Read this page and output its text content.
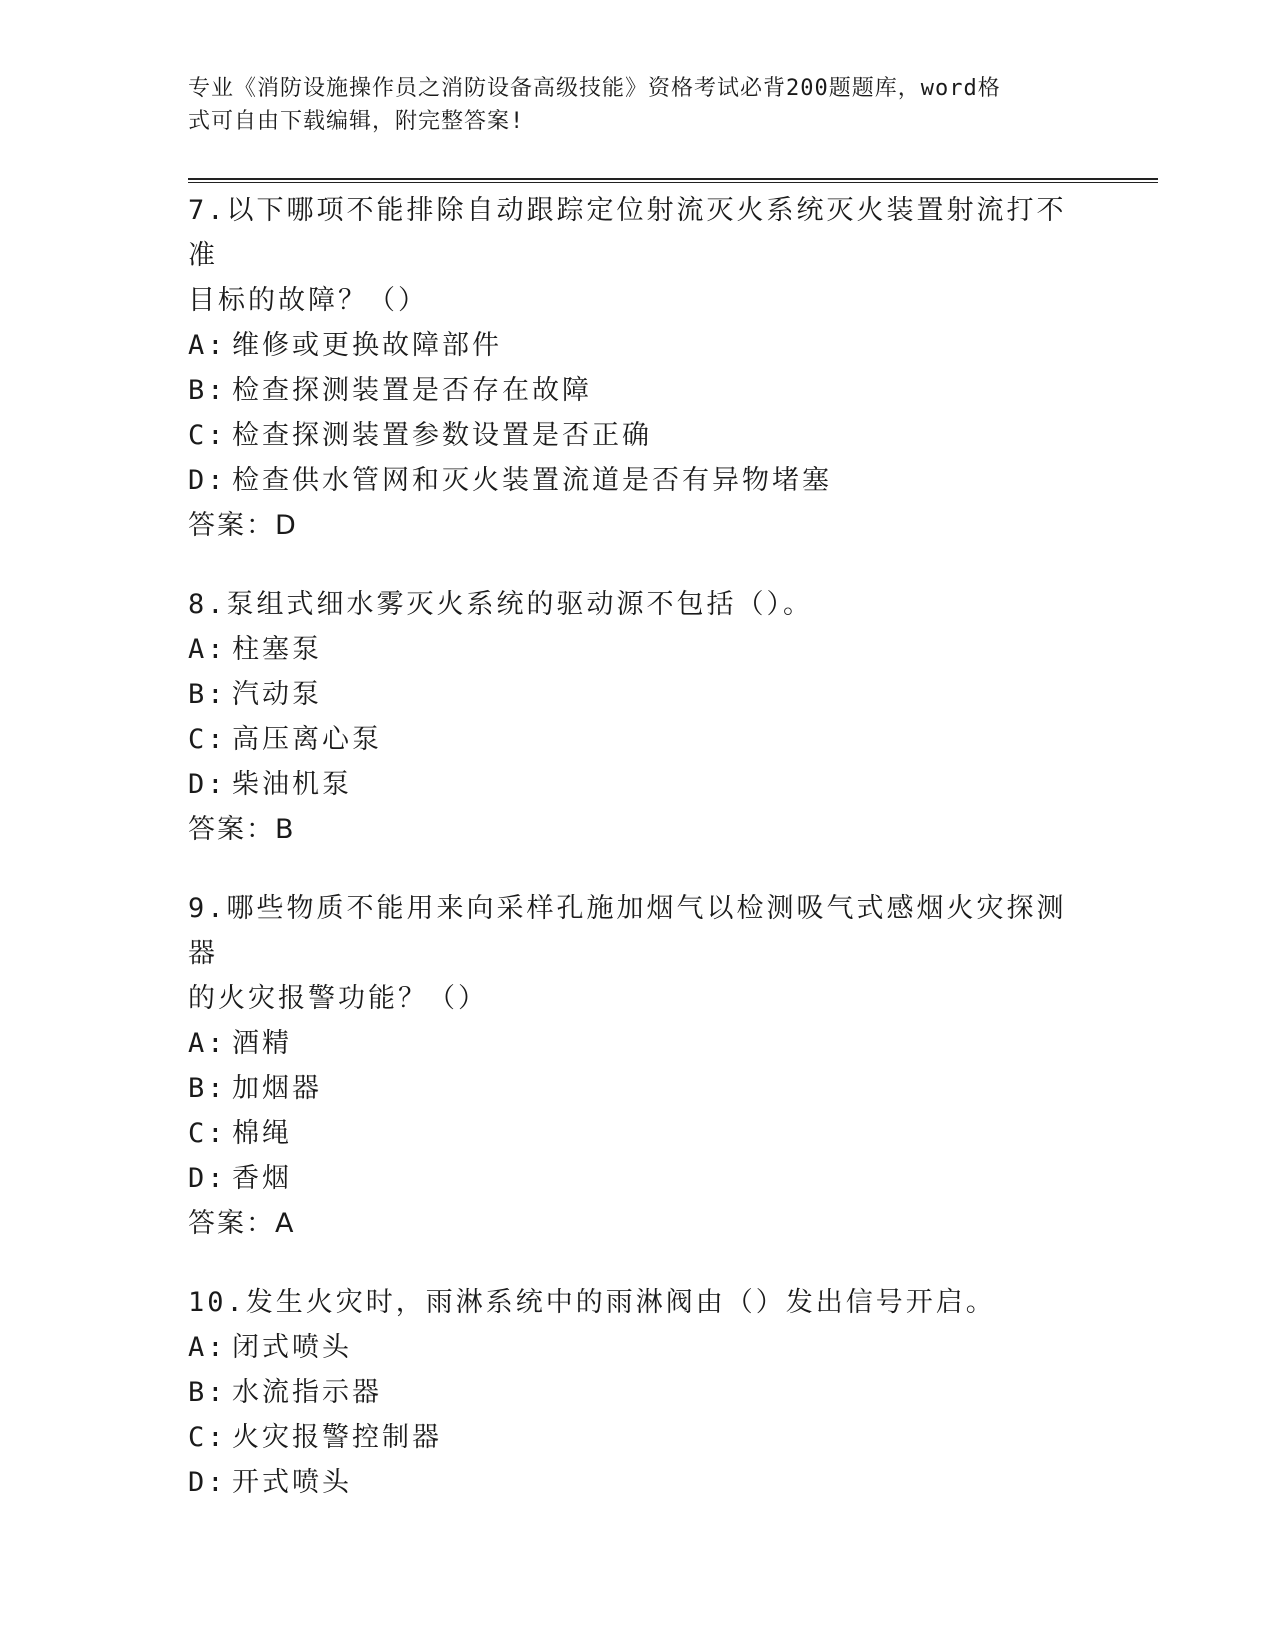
专业《消防设施操作员之消防设备高级技能》资格考试必背200题题库，word格
式可自由下载编辑，附完整答案!

7.以下哪项不能排除自动跟踪定位射流灭火系统灭火装置射流打不准

目标的故障？（）

A: 维修或更换故障部件

B: 检查探测装置是否存在故障

C: 检查探测装置参数设置是否正确

D: 检查供水管网和灭火装置流道是否有异物堵塞

答案：D

8.泵组式细水雾灭火系统的驱动源不包括（）。

A: 柱塞泵

B: 汽动泵

C: 高压离心泵

D: 柴油机泵

答案：B

9.哪些物质不能用来向采样孔施加烟气以检测吸气式感烟火灾探测器

的火灾报警功能？（）

A: 酒精

B: 加烟器

C: 棉绳

D: 香烟

答案：A

10.发生火灾时，雨淋系统中的雨淋阀由（）发出信号开启。

A: 闭式喷头

B: 水流指示器

C: 火灾报警控制器

D: 开式喷头
